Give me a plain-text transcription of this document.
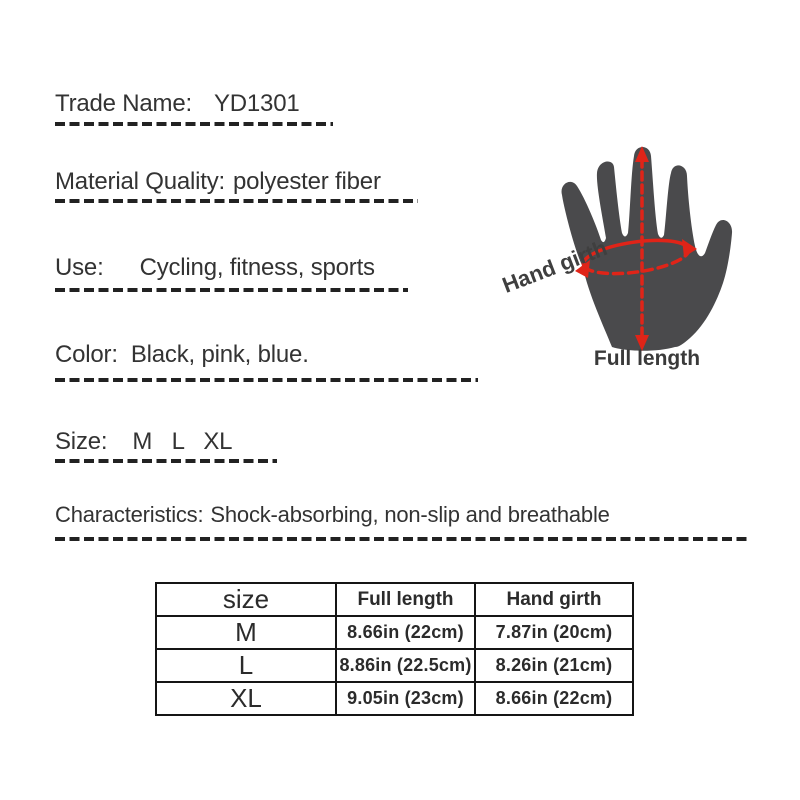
Trade Name: YD1301
Material Quality: polyester fiber
Use: Cycling, fitness, sports
Color: Black, pink, blue.
Size: M L XL
Characteristics: Shock-absorbing, non-slip and breathable
Hand girth
Full length
size	Full length	Hand girth
M	8.66in (22cm)	7.87in (20cm)
L	8.86in (22.5cm)	8.26in (21cm)
XL	9.05in (23cm)	8.66in (22cm)
